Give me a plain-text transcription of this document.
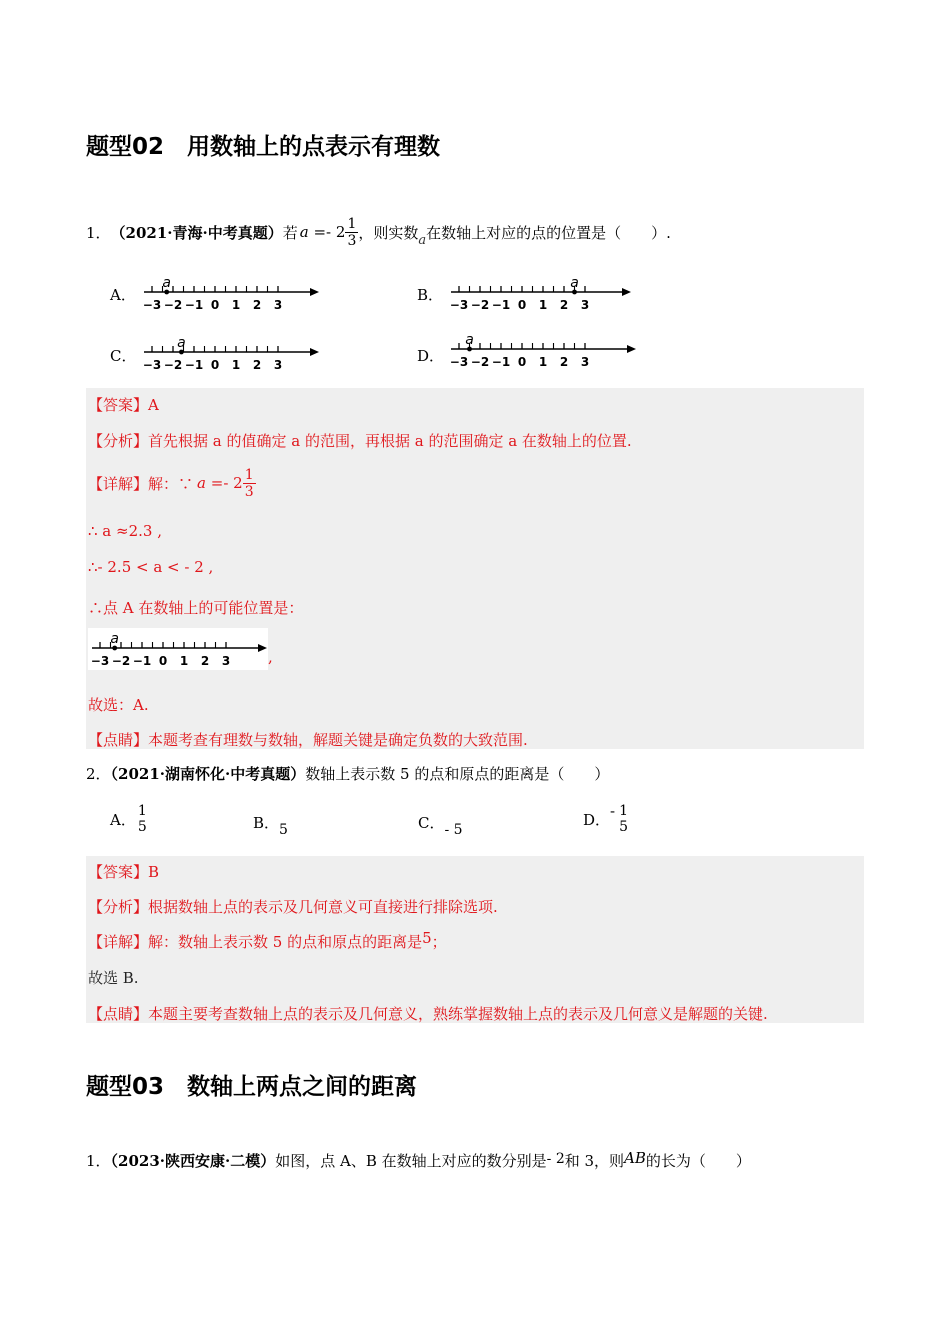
题型02　用数轴上的点表示有理数
1． （2021·青海·中考真题） 若 $a =- 2 \frac{1}{3}$ ，则实数 a 在数轴上对应的点的位置是（　　）.
A．
−3 −2 −1 0 1 2 3
a
B．
−3 −2 −1 0 1 2 3
a
C． −3 −2 −1 0 1 2 3
a
D． −3 −2 −1 0 1 2 3
a
【答案】A
【分析】首先根据 a 的值确定 a 的范围，再根据 a 的范围确定 a 在数轴上的位置.
【详解】 解：∵ $a =- 2 \frac{1}{3}$
∴ a ≈2.3 ,
∴- 2.5 < a < - 2 ,
∴点 A 在数轴上的可能位置是：
−3 −2 −1 0 1 2 3
a
,
故选：A.
【点睛】本题考查有理数与数轴，解题关键是确定负数的大致范围.
2．（2021·湖南怀化·中考真题）数轴上表示数 5 的点和原点的距离是（　　）
A． 1
5	B．5	C．- 5
D． - 1
5
【答案】B
【分析】根据数轴上点的表示及几何意义可直接进行排除选项.
【详解】解：数轴上表示数 5 的点和原点的距离是5；
故选 B.
【点睛】本题主要考查数轴上点的表示及几何意义，熟练掌握数轴上点的表示及几何意义是解题的关键.
题型03　数轴上两点之间的距离
1．（2023·陕西安康·二模）如图，点 A、B 在数轴上对应的数分别是- 2和 3，则AB的长为（　　）
